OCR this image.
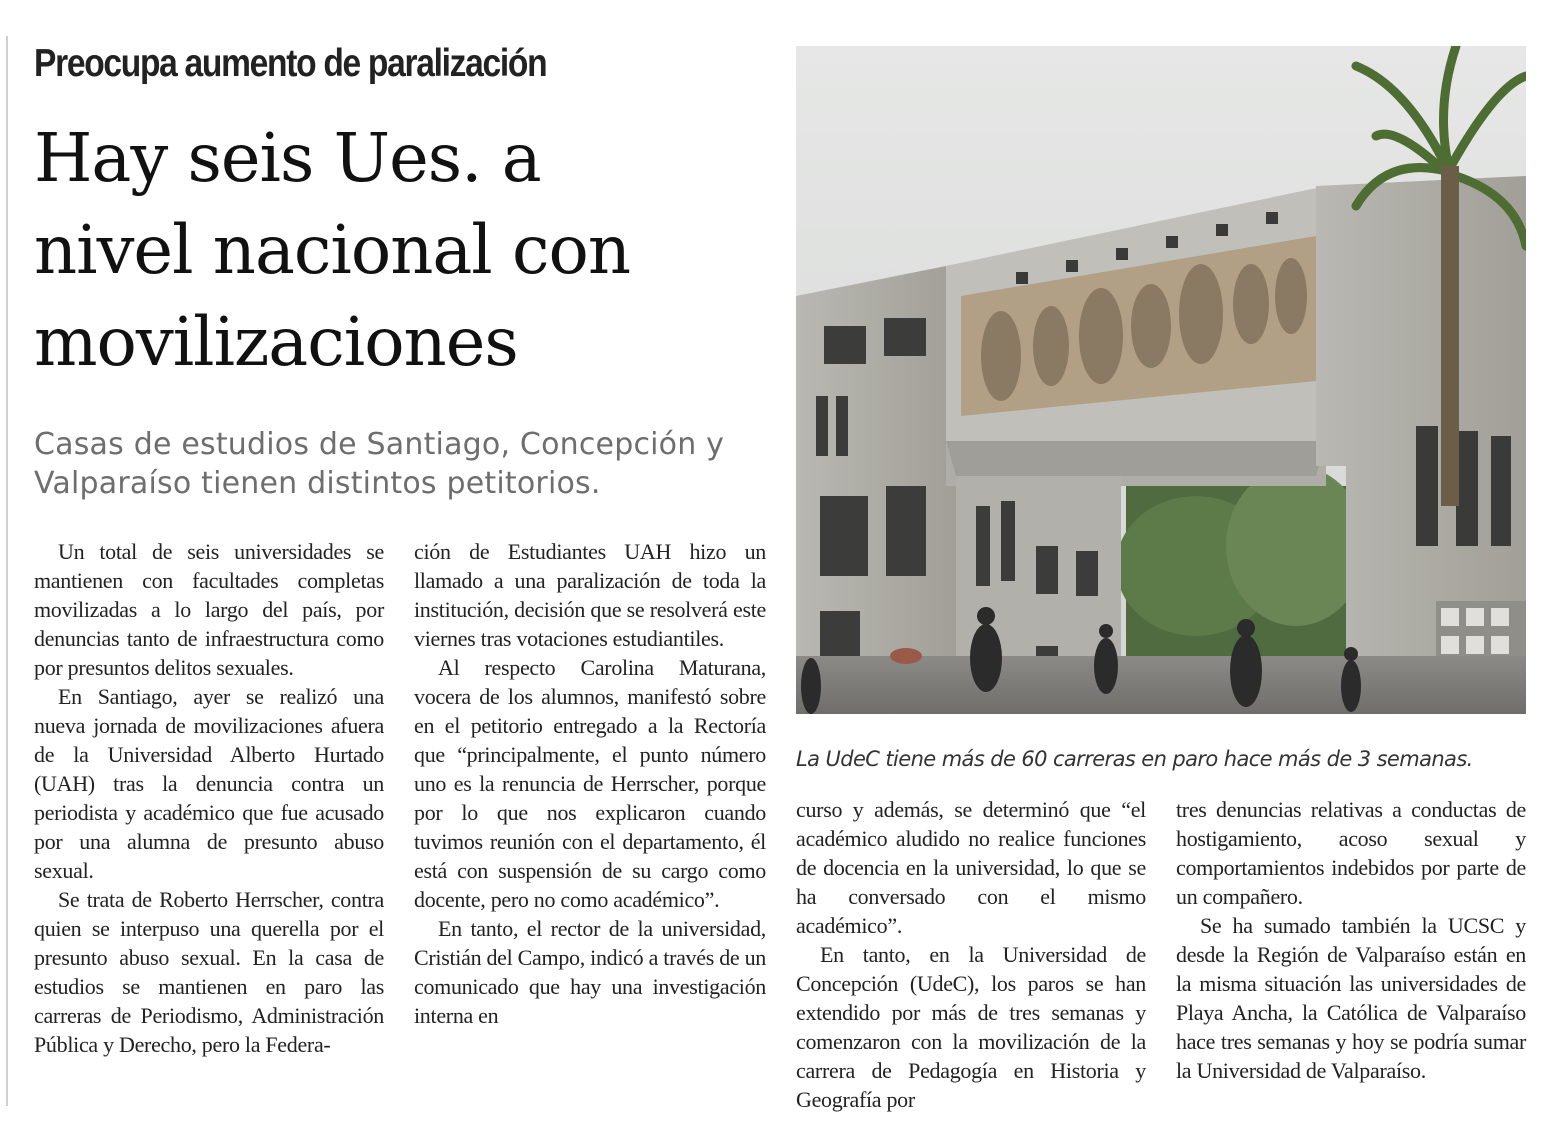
Preocupa aumento de paralización
Hay seis Ues. a
nivel nacional con
movilizaciones

Casas de estudios de Santiago, Concepción y
Valparaíso tienen distintos petitorios.

La UdeC tiene más de 60 carreras en paro hace más de 3 semanas.

Un total de seis universidades se mantienen con facultades completas movilizadas a lo largo del país, por denuncias tanto de infraestructura como por presuntos delitos sexuales.

En Santiago, ayer se realizó una nueva jornada de movilizaciones afuera de la Universidad Alberto Hurtado (UAH) tras la denuncia contra un periodista y académico que fue acusado por una alumna de presunto abuso sexual.

Se trata de Roberto Herrscher, contra quien se interpuso una querella por el presunto abuso sexual. En la casa de estudios se mantienen en paro las carreras de Periodismo, Administración Pública y Derecho, pero la Federa-

ción de Estudiantes UAH hizo un llamado a una paralización de toda la institución, decisión que se resolverá este viernes tras votaciones estudiantiles.

Al respecto Carolina Maturana, vocera de los alumnos, manifestó sobre en el petitorio entregado a la Rectoría que “principalmente, el punto número uno es la renuncia de Herrscher, porque por lo que nos explicaron cuando tuvimos reunión con el departamento, él está con suspensión de su cargo como docente, pero no como académico”.

En tanto, el rector de la universidad, Cristián del Campo, indicó a través de un comunicado que hay una investigación interna en

curso y además, se determinó que “el académico aludido no realice funciones de docencia en la universidad, lo que se ha conversado con el mismo académico”.

En tanto, en la Universidad de Concepción (UdeC), los paros se han extendido por más de tres semanas y comenzaron con la movilización de la carrera de Pedagogía en Historia y Geografía por

tres denuncias relativas a conductas de hostigamiento, acoso sexual y comportamientos indebidos por parte de un compañero.

Se ha sumado también la UCSC y desde la Región de Valparaíso están en la misma situación las universidades de Playa Ancha, la Católica de Valparaíso hace tres semanas y hoy se podría sumar la Universidad de Valparaíso.
